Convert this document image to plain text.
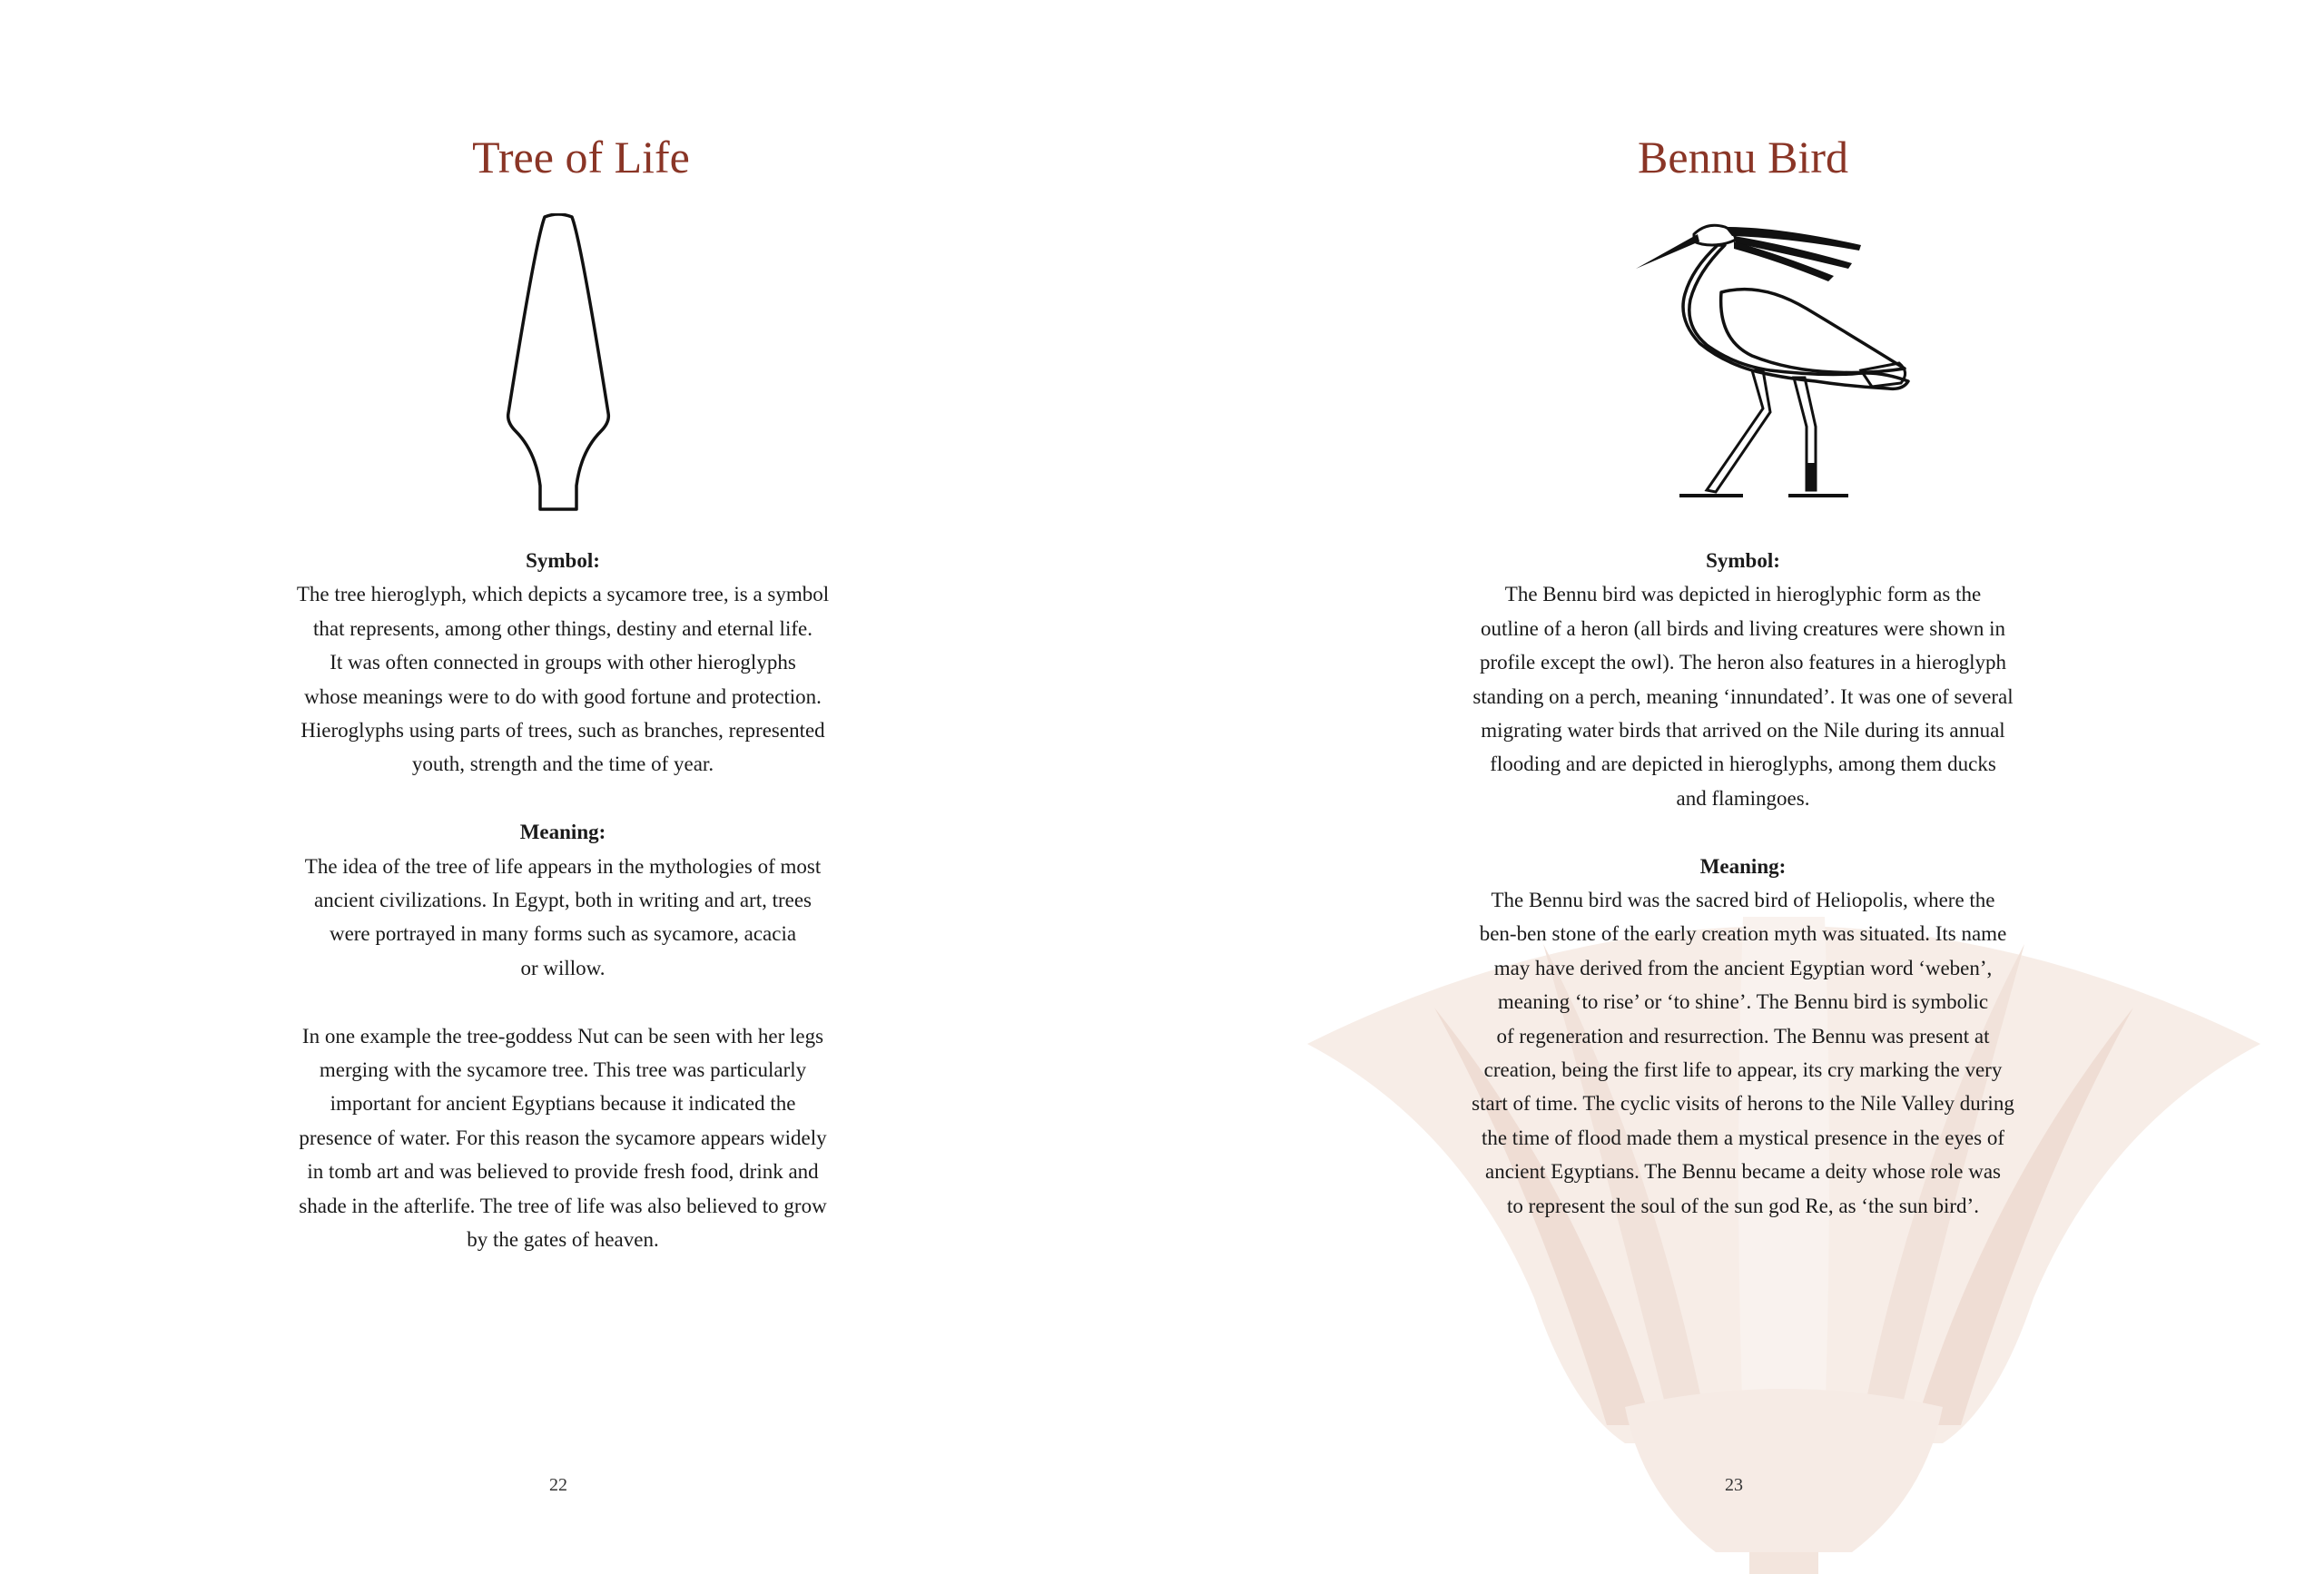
Tree of Life
Symbol:
The tree hieroglyph, which depicts a sycamore tree, is a symbol
that represents, among other things, destiny and eternal life.
It was often connected in groups with other hieroglyphs
whose meanings were to do with good fortune and protection.
Hieroglyphs using parts of trees, such as branches, represented
youth, strength and the time of year.
Meaning:
The idea of the tree of life appears in the mythologies of most
ancient civilizations. In Egypt, both in writing and art, trees
were portrayed in many forms such as sycamore, acacia
or willow.
In one example the tree-goddess Nut can be seen with her legs
merging with the sycamore tree. This tree was particularly
important for ancient Egyptians because it indicated the
presence of water. For this reason the sycamore appears widely
in tomb art and was believed to provide fresh food, drink and
shade in the afterlife. The tree of life was also believed to grow
by the gates of heaven.
22
Bennu Bird
Symbol:
The Bennu bird was depicted in hieroglyphic form as the
outline of a heron (all birds and living creatures were shown in
profile except the owl). The heron also features in a hieroglyph
standing on a perch, meaning ‘innundated’. It was one of several
migrating water birds that arrived on the Nile during its annual
flooding and are depicted in hieroglyphs, among them ducks
and flamingoes.
Meaning:
The Bennu bird was the sacred bird of Heliopolis, where the
ben-ben stone of the early creation myth was situated. Its name
may have derived from the ancient Egyptian word ‘weben’,
meaning ‘to rise’ or ‘to shine’. The Bennu bird is symbolic
of regeneration and resurrection. The Bennu was present at
creation, being the first life to appear, its cry marking the very
start of time. The cyclic visits of herons to the Nile Valley during
the time of flood made them a mystical presence in the eyes of
ancient Egyptians. The Bennu became a deity whose role was
to represent the soul of the sun god Re, as ‘the sun bird’.
23
